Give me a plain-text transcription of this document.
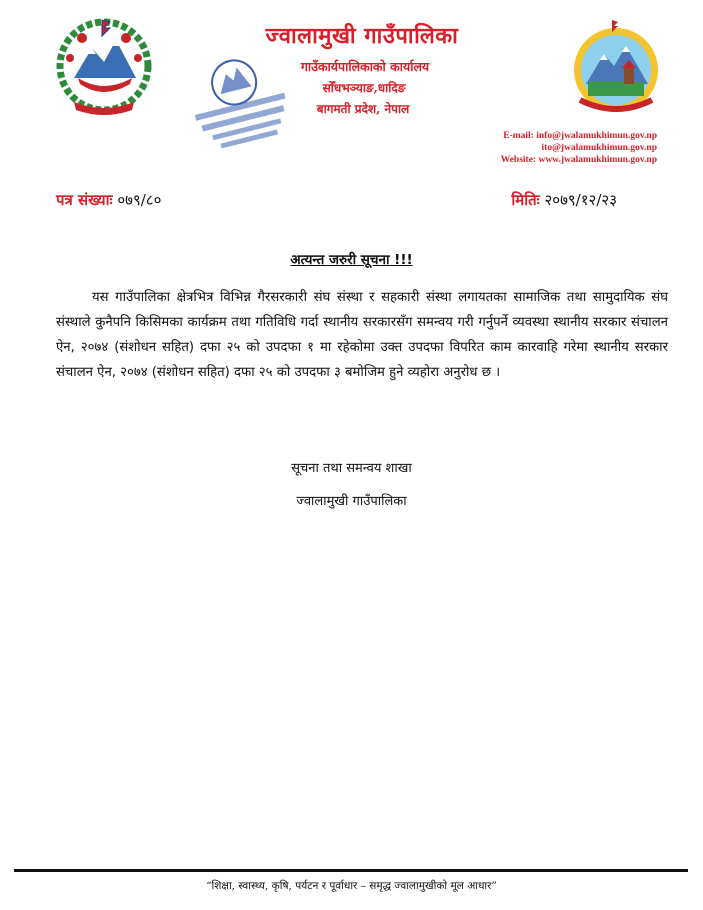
ज्वालामुखी गाउँपालिका
गाउँकार्यपालिकाको कार्यालय
सोँधभञ्याङ,धादिङ
बागमती प्रदेश, नेपाल
E-mail: info@jwalamukhimun.gov.np
ito@jwalamukhimun.gov.np
Website: www.jwalamukhimun.gov.np
पत्र संख्याः ०७९/८०	मितिः २०७९/१२/२३
अत्यन्त जरुरी सूचना !!!
यस गाउँपालिका क्षेत्रभित्र विभिन्न गैरसरकारी संघ संस्था र सहकारी संस्था लगायतका सामाजिक तथा सामुदायिक संघ संस्थाले कुनैपनि किसिमका कार्यक्रम तथा गतिविधि गर्दा स्थानीय सरकारसँग समन्वय गरी गर्नुपर्ने व्यवस्था स्थानीय सरकार संचालन ऐन, २०७४ (संशोधन सहित) दफा २५ को उपदफा १ मा रहेकोमा उक्त उपदफा विपरित काम कारवाहि गरेमा स्थानीय सरकार संचालन ऐन, २०७४ (संशोधन सहित) दफा २५ को उपदफा ३ बमोजिम हुने व्यहोरा अनुरोध छ ।
सूचना तथा समन्वय शाखा
ज्वालामुखी गाउँपालिका
“शिक्षा, स्वास्थ्य, कृषि, पर्यटन र पूर्वाधार – समृद्ध ज्वालामुखीको मूल आधार”
